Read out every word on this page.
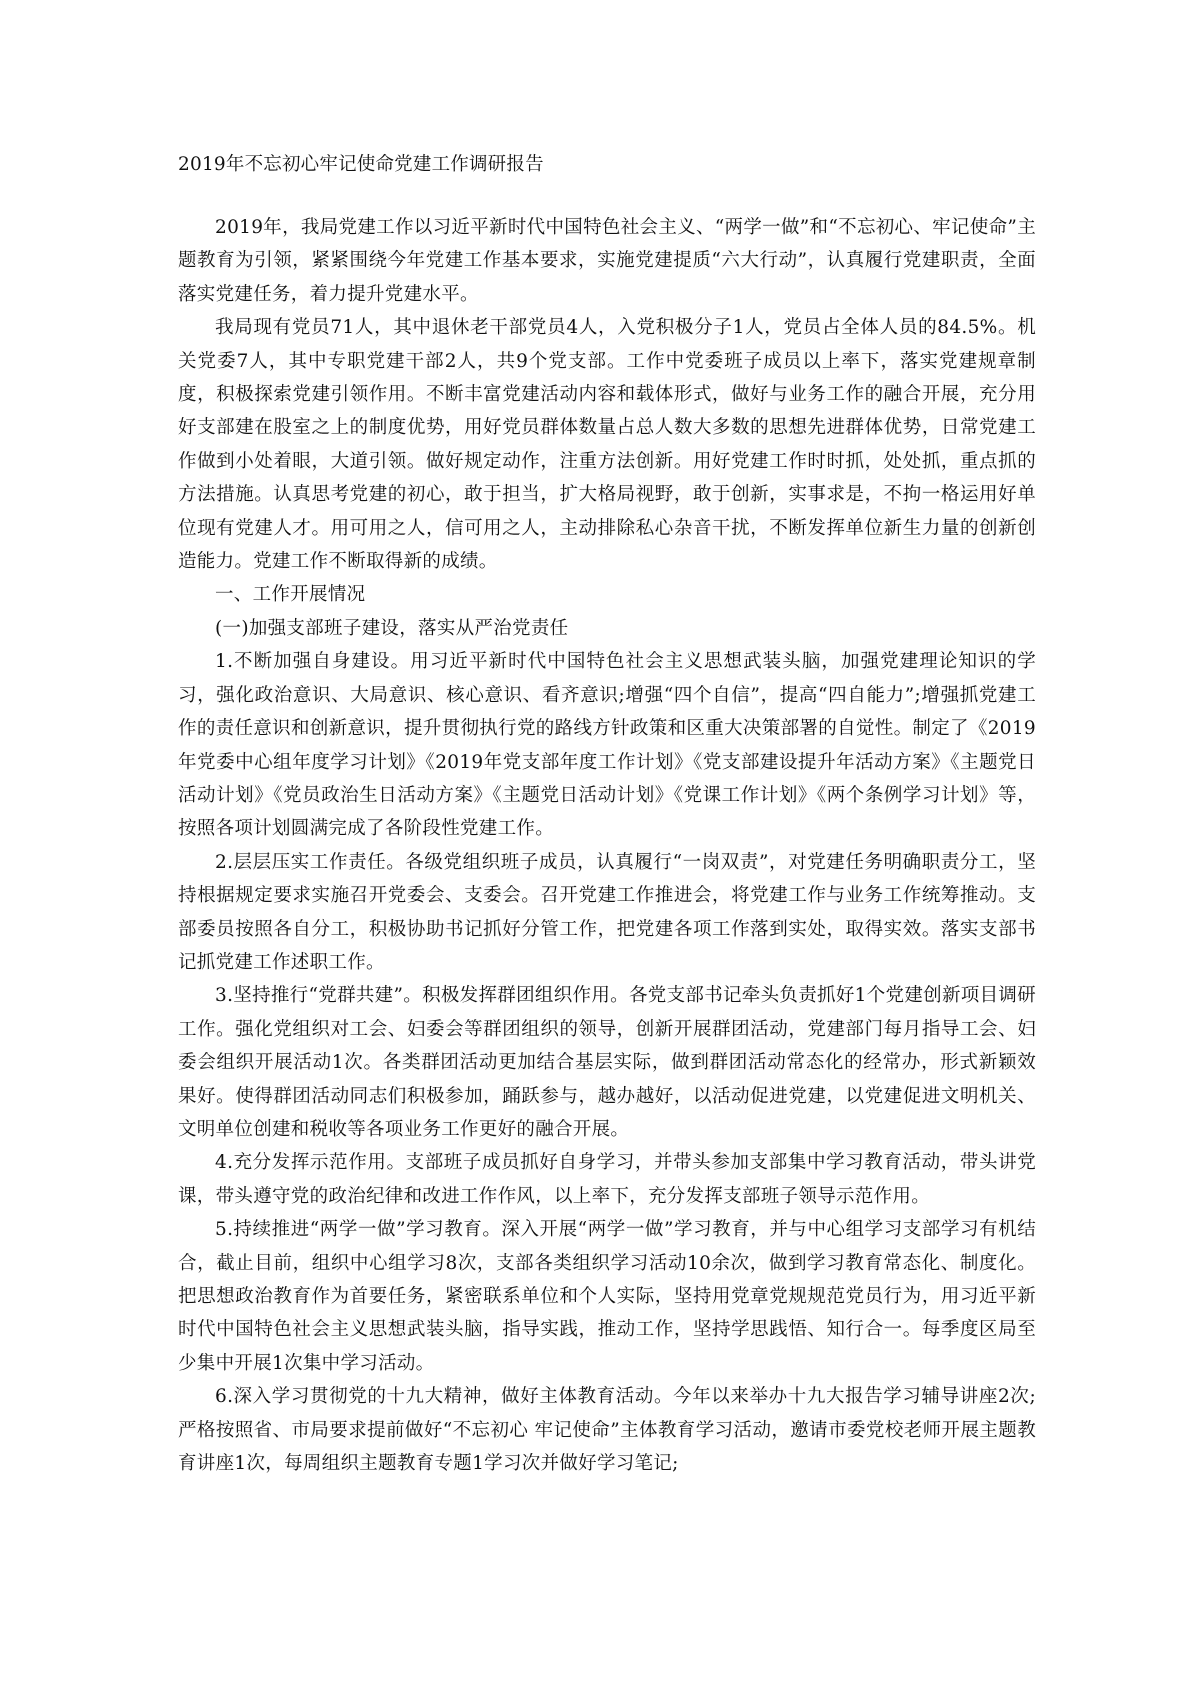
2019年不忘初心牢记使命党建工作调研报告

2019年，我局党建工作以习近平新时代中国特色社会主义、“两学一做”和“不忘初心、牢记使命”主题教育为引领，紧紧围绕今年党建工作基本要求，实施党建提质“六大行动”，认真履行党建职责，全面落实党建任务，着力提升党建水平。

我局现有党员71人，其中退休老干部党员4人，入党积极分子1人，党员占全体人员的84.5%。机关党委7人，其中专职党建干部2人，共9个党支部。工作中党委班子成员以上率下，落实党建规章制度，积极探索党建引领作用。不断丰富党建活动内容和载体形式，做好与业务工作的融合开展，充分用好支部建在股室之上的制度优势，用好党员群体数量占总人数大多数的思想先进群体优势，日常党建工作做到小处着眼，大道引领。做好规定动作，注重方法创新。用好党建工作时时抓，处处抓，重点抓的方法措施。认真思考党建的初心，敢于担当，扩大格局视野，敢于创新，实事求是，不拘一格运用好单位现有党建人才。用可用之人，信可用之人，主动排除私心杂音干扰，不断发挥单位新生力量的创新创造能力。党建工作不断取得新的成绩。

一、工作开展情况

(一)加强支部班子建设，落实从严治党责任

1.不断加强自身建设。用习近平新时代中国特色社会主义思想武装头脑，加强党建理论知识的学习，强化政治意识、大局意识、核心意识、看齐意识;增强“四个自信”，提高“四自能力”;增强抓党建工作的责任意识和创新意识，提升贯彻执行党的路线方针政策和区重大决策部署的自觉性。制定了《2019年党委中心组年度学习计划》《2019年党支部年度工作计划》《党支部建设提升年活动方案》《主题党日活动计划》《党员政治生日活动方案》《主题党日活动计划》《党课工作计划》《两个条例学习计划》等，按照各项计划圆满完成了各阶段性党建工作。

2.层层压实工作责任。各级党组织班子成员，认真履行“一岗双责”，对党建任务明确职责分工，坚持根据规定要求实施召开党委会、支委会。召开党建工作推进会，将党建工作与业务工作统筹推动。支部委员按照各自分工，积极协助书记抓好分管工作，把党建各项工作落到实处，取得实效。落实支部书记抓党建工作述职工作。

3.坚持推行“党群共建”。积极发挥群团组织作用。各党支部书记牵头负责抓好1个党建创新项目调研工作。强化党组织对工会、妇委会等群团组织的领导，创新开展群团活动，党建部门每月指导工会、妇委会组织开展活动1次。各类群团活动更加结合基层实际，做到群团活动常态化的经常办，形式新颖效果好。使得群团活动同志们积极参加，踊跃参与，越办越好，以活动促进党建，以党建促进文明机关、文明单位创建和税收等各项业务工作更好的融合开展。

4.充分发挥示范作用。支部班子成员抓好自身学习，并带头参加支部集中学习教育活动，带头讲党课，带头遵守党的政治纪律和改进工作作风，以上率下，充分发挥支部班子领导示范作用。

5.持续推进“两学一做”学习教育。深入开展“两学一做”学习教育，并与中心组学习支部学习有机结合，截止目前，组织中心组学习8次，支部各类组织学习活动10余次，做到学习教育常态化、制度化。把思想政治教育作为首要任务，紧密联系单位和个人实际，坚持用党章党规规范党员行为，用习近平新时代中国特色社会主义思想武装头脑，指导实践，推动工作，坚持学思践悟、知行合一。每季度区局至少集中开展1次集中学习活动。

6.深入学习贯彻党的十九大精神，做好主体教育活动。今年以来举办十九大报告学习辅导讲座2次;严格按照省、市局要求提前做好“不忘初心 牢记使命”主体教育学习活动，邀请市委党校老师开展主题教育讲座1次，每周组织主题教育专题1学习次并做好学习笔记;
